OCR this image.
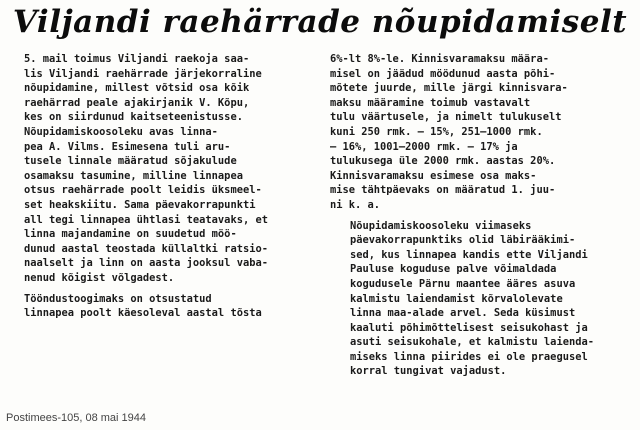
Viljandi raehärrade nõupidamiselt

5. mail toimus Viljandi raekoja saa-
lis Viljandi raehärrade järjekorraline
nõupidamine, millest võtsid osa kõik
raehärrad peale ajakirjanik V. Kõpu,
kes on siirdunud kaitseteenistusse.

Nõupidamiskoosoleku avas linna-
pea A. Vilms. Esimesena tuli aru-
tusele linnale määratud sõjakulude
osamaksu tasumine, milline linnapea
otsus raehärrade poolt leidis üksmeel-
set heakskiitu. Sama päevakorrapunkti
all tegi linnapea ühtlasi teatavaks, et
linna majandamine on suudetud möö-
dunud aastal teostada küllaltki ratsio-
naalselt ja linn on aasta jooksul vaba-
nenud kõigist võlgadest.

Tööndustoogimaks on otsustatud
linnapea poolt käesoleval aastal tõsta

6%-lt 8%-le. Kinnisvaramaksu määra-
misel on jäädud möödunud aasta põhi-
mõtete juurde, mille järgi kinnisvara-
maksu määramine toimub vastavalt
tulu väärtusele, ja nimelt tulukuselt
kuni 250 rmk. — 15%, 251—1000 rmk.
— 16%, 1001—2000 rmk. — 17% ja
tulukusega üle 2000 rmk. aastas 20%.
Kinnisvaramaksu esimese osa maks-
mise tähtpäevaks on määratud 1. juu-
ni k. a.

Nõupidamiskoosoleku viimaseks
päevakorrapunktiks olid läbirääkimi-
sed, kus linnapea kandis ette Viljandi
Pauluse koguduse palve võimaldada
kogudusele Pärnu maantee ääres asuva
kalmistu laiendamist kõrvalolevate
linna maa-alade arvel. Seda küsimust
kaaluti põhimõttelisest seisukohast ja
asuti seisukohale, et kalmistu laienda-
miseks linna piirides ei ole praegusel
korral tungivat vajadust.

Postimees-105, 08 mai 1944
